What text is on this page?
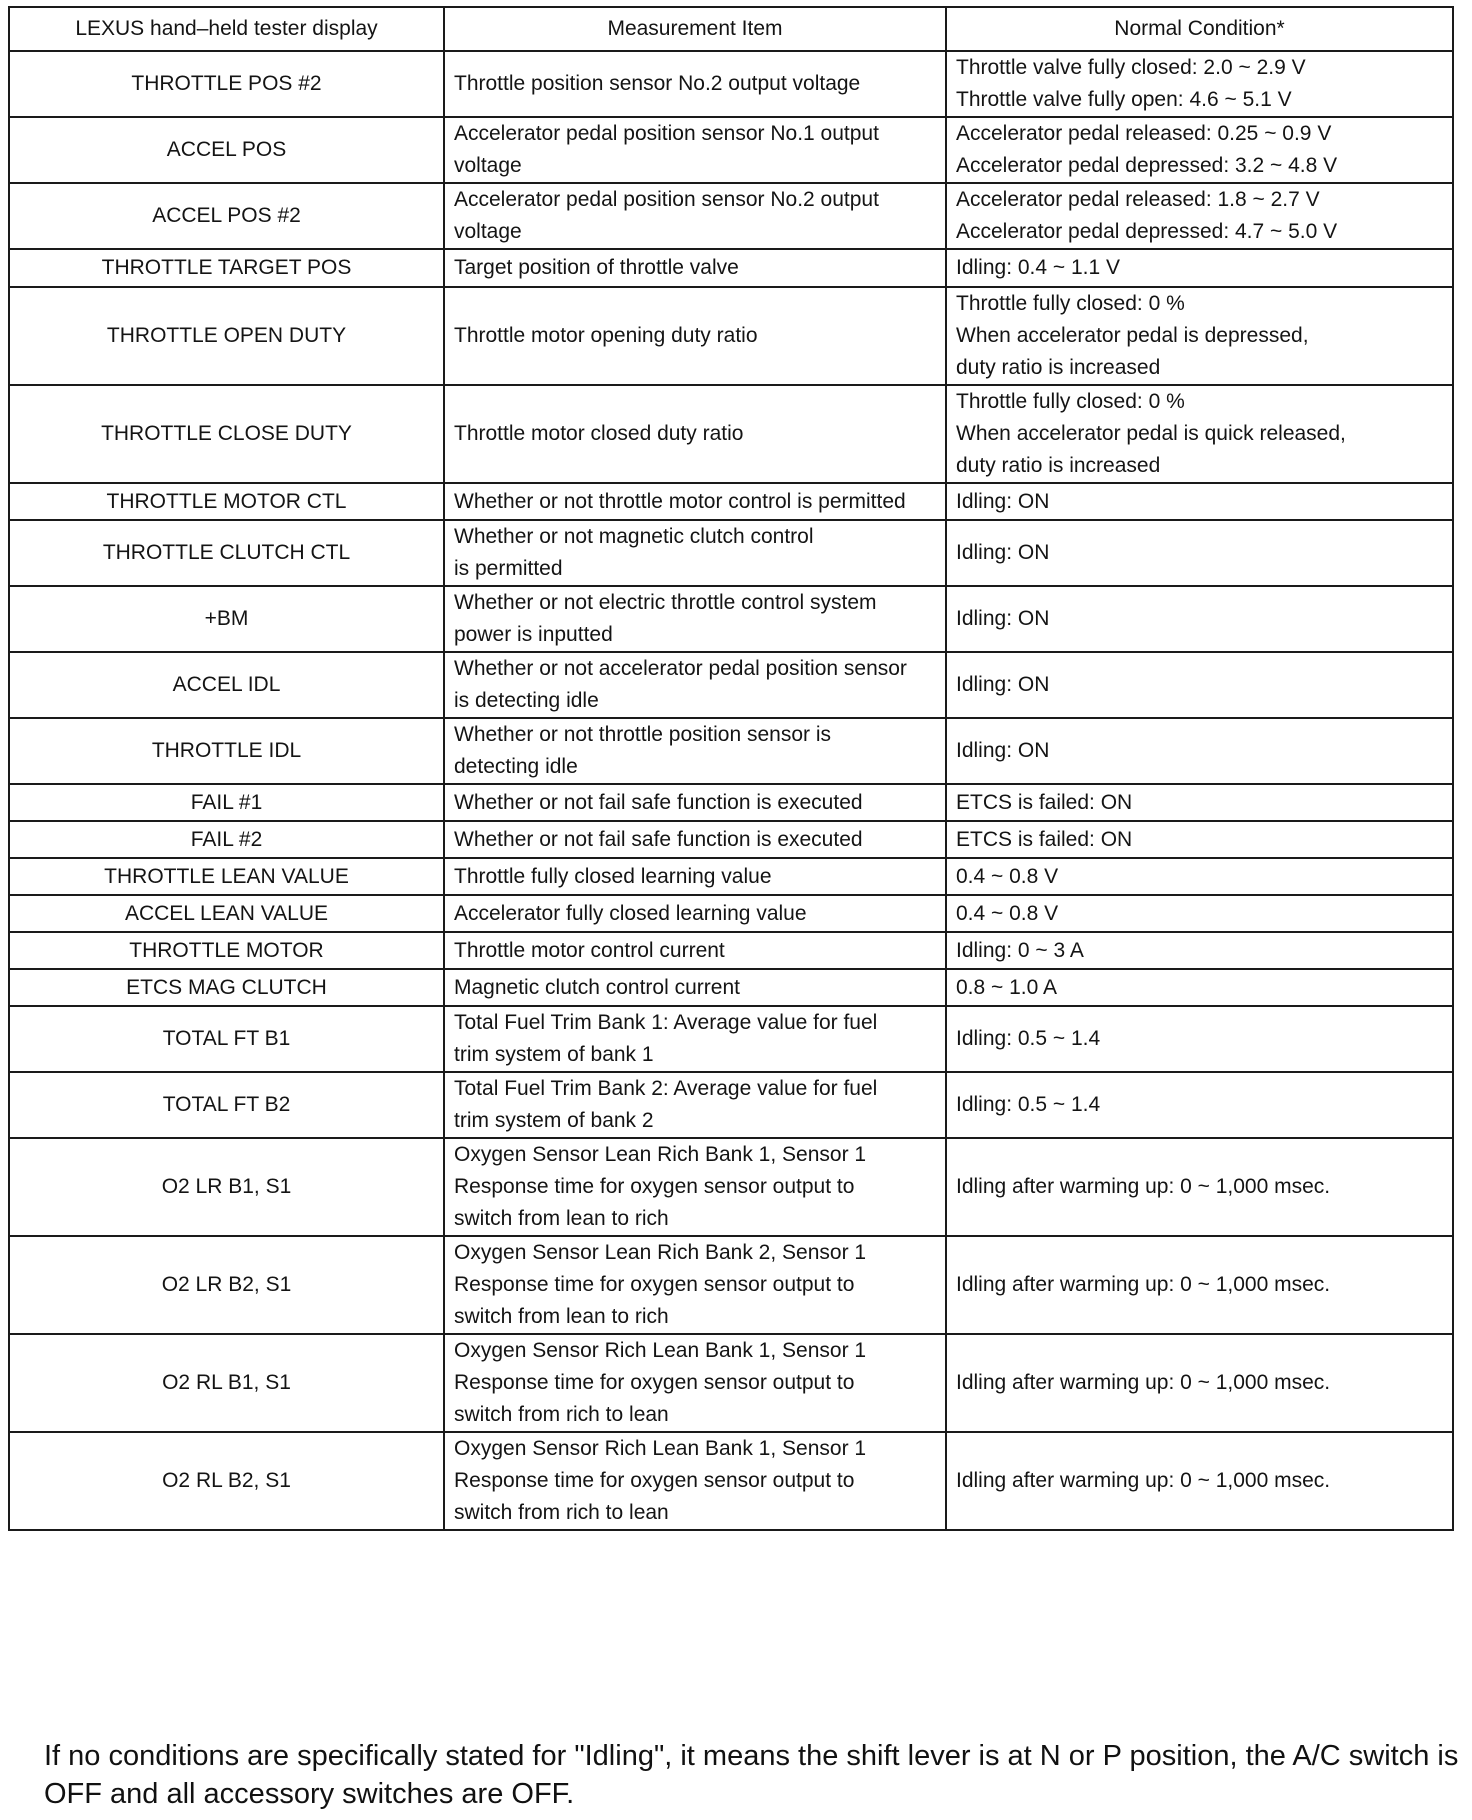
LEXUS hand–held tester display	Measurement Item	Normal Condition*
THROTTLE POS #2	Throttle position sensor No.2 output voltage	Throttle valve fully closed: 2.0 ~ 2.9 V
Throttle valve fully open: 4.6 ~ 5.1 V

ACCEL POS	Accelerator pedal position sensor No.1 output
voltage	Accelerator pedal released: 0.25 ~ 0.9 V
Accelerator pedal depressed: 3.2 ~ 4.8 V

ACCEL POS #2	Accelerator pedal position sensor No.2 output
voltage	Accelerator pedal released: 1.8 ~ 2.7 V
Accelerator pedal depressed: 4.7 ~ 5.0 V

THROTTLE TARGET POS	Target position of throttle valve	Idling: 0.4 ~ 1.1 V

THROTTLE OPEN DUTY	Throttle motor opening duty ratio	Throttle fully closed: 0 %
When accelerator pedal is depressed,
duty ratio is increased

THROTTLE CLOSE DUTY	Throttle motor closed duty ratio	Throttle fully closed: 0 %
When accelerator pedal is quick released,
duty ratio is increased

THROTTLE MOTOR CTL	Whether or not throttle motor control is permitted	Idling: ON

THROTTLE CLUTCH CTL	Whether or not magnetic clutch control
is permitted	Idling: ON

+BM	Whether or not electric throttle control system
power is inputted	Idling: ON

ACCEL IDL	Whether or not accelerator pedal position sensor
is detecting idle	Idling: ON

THROTTLE IDL	Whether or not throttle position sensor is
detecting idle	Idling: ON

FAIL #1	Whether or not fail safe function is executed	ETCS is failed: ON

FAIL #2	Whether or not fail safe function is executed	ETCS is failed: ON

THROTTLE LEAN VALUE	Throttle fully closed learning value	0.4 ~ 0.8 V

ACCEL LEAN VALUE	Accelerator fully closed learning value	0.4 ~ 0.8 V

THROTTLE MOTOR	Throttle motor control current	Idling: 0 ~ 3 A

ETCS MAG CLUTCH	Magnetic clutch control current	0.8 ~ 1.0 A

TOTAL FT B1	Total Fuel Trim Bank 1: Average value for fuel
trim system of bank 1	Idling: 0.5 ~ 1.4

TOTAL FT B2	Total Fuel Trim Bank 2: Average value for fuel
trim system of bank 2	Idling: 0.5 ~ 1.4

O2 LR B1, S1	Oxygen Sensor Lean Rich Bank 1, Sensor 1
Response time for oxygen sensor output to
switch from lean to rich	Idling after warming up: 0 ~ 1,000 msec.

O2 LR B2, S1	Oxygen Sensor Lean Rich Bank 2, Sensor 1
Response time for oxygen sensor output to
switch from lean to rich	Idling after warming up: 0 ~ 1,000 msec.

O2 RL B1, S1	Oxygen Sensor Rich Lean Bank 1, Sensor 1
Response time for oxygen sensor output to
switch from rich to lean	Idling after warming up: 0 ~ 1,000 msec.

O2 RL B2, S1	Oxygen Sensor Rich Lean Bank 1, Sensor 1
Response time for oxygen sensor output to
switch from rich to lean	Idling after warming up: 0 ~ 1,000 msec.
If no conditions are specifically stated for "Idling", it means the shift lever is at N or P position, the A/C switch is OFF and all accessory switches are OFF.
